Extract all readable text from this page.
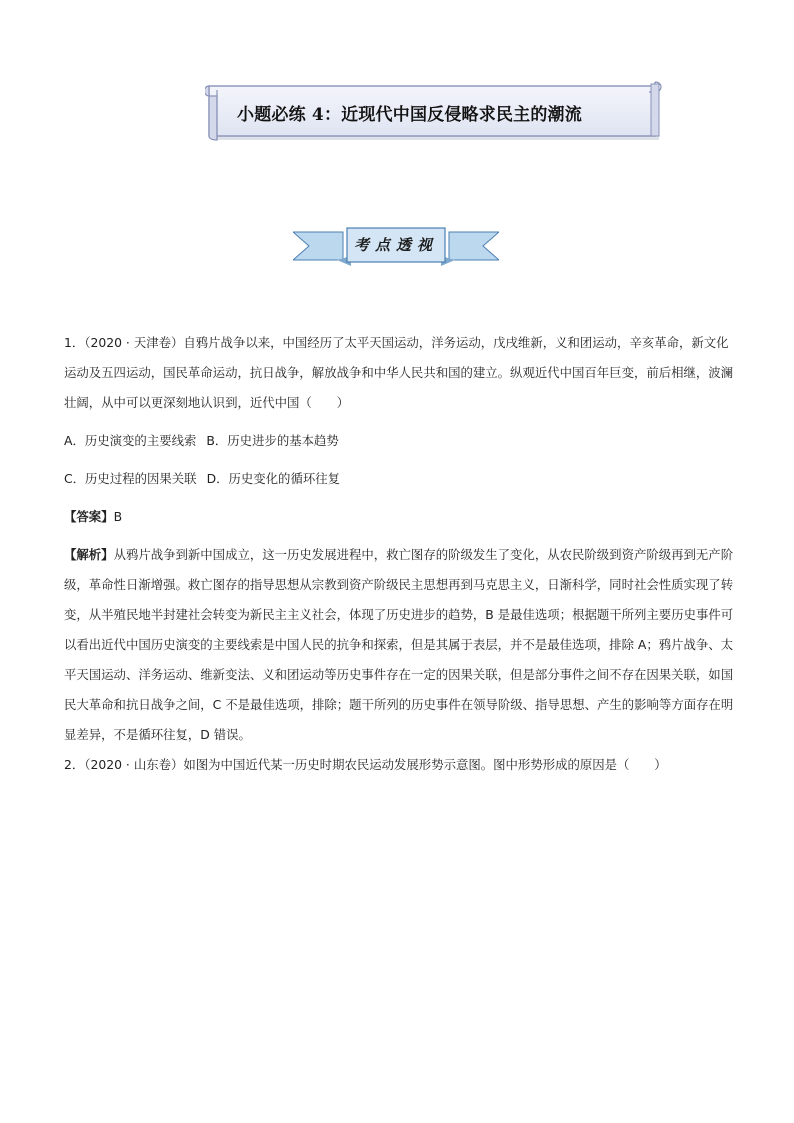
小题必练 4：近现代中国反侵略求民主的潮流
考点透视

1．（2020 · 天津卷）自鸦片战争以来，中国经历了太平天国运动，洋务运动，戊戌维新，义和团运动，辛亥革命，新文化运动及五四运动，国民革命运动，抗日战争，解放战争和中华人民共和国的建立。纵观近代中国百年巨变，前后相继，波澜壮阔，从中可以更深刻地认识到，近代中国（　　）

A．历史演变的主要线索 B．历史进步的基本趋势

C．历史过程的因果关联 D．历史变化的循环往复

【答案】B

【解析】从鸦片战争到新中国成立，这一历史发展进程中，救亡图存的阶级发生了变化，从农民阶级到资产阶级再到无产阶级，革命性日渐增强。救亡图存的指导思想从宗教到资产阶级民主思想再到马克思主义，日渐科学，同时社会性质实现了转变，从半殖民地半封建社会转变为新民主主义社会，体现了历史进步的趋势，B 是最佳选项；根据题干所列主要历史事件可以看出近代中国历史演变的主要线索是中国人民的抗争和探索，但是其属于表层，并不是最佳选项，排除 A；鸦片战争、太平天国运动、洋务运动、维新变法、义和团运动等历史事件存在一定的因果关联，但是部分事件之间不存在因果关联，如国民大革命和抗日战争之间，C 不是最佳选项，排除；题干所列的历史事件在领导阶级、指导思想、产生的影响等方面存在明显差异，不是循环往复，D 错误。

2．（2020 · 山东卷）如图为中国近代某一历史时期农民运动发展形势示意图。图中形势形成的原因是（　　）
